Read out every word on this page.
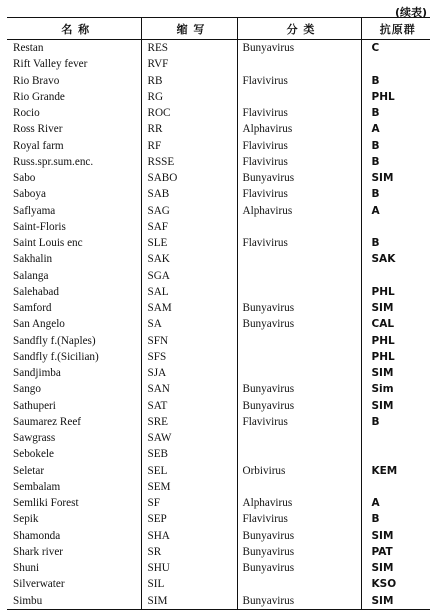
(续表)
名 称	缩 写	分 类	抗原群
Restan	RES	Bunyavirus	C
Rift Valley fever	RVF		
Rio Bravo	RB	Flavivirus	B
Rio Grande	RG		PHL
Rocio	ROC	Flavivirus	B
Ross River	RR	Alphavirus	A
Royal farm	RF	Flavivirus	B
Russ.spr.sum.enc.	RSSE	Flavivirus	B
Sabo	SABO	Bunyavirus	SIM
Saboya	SAB	Flavivirus	B
Saflyama	SAG	Alphavirus	A
Saint-Floris	SAF		
Saint Louis enc	SLE	Flavivirus	B
Sakhalin	SAK		SAK
Salanga	SGA		
Salehabad	SAL		PHL
Samford	SAM	Bunyavirus	SIM
San Angelo	SA	Bunyavirus	CAL
Sandfly f.(Naples)	SFN		PHL
Sandfly f.(Sicilian)	SFS		PHL
Sandjimba	SJA		SIM
Sango	SAN	Bunyavirus	Sim
Sathuperi	SAT	Bunyavirus	SIM
Saumarez Reef	SRE	Flavivirus	B
Sawgrass	SAW		
Sebokele	SEB		
Seletar	SEL	Orbivirus	KEM
Sembalam	SEM		
Semliki Forest	SF	Alphavirus	A
Sepik	SEP	Flavivirus	B
Shamonda	SHA	Bunyavirus	SIM
Shark river	SR	Bunyavirus	PAT
Shuni	SHU	Bunyavirus	SIM
Silverwater	SIL		KSO
Simbu	SIM	Bunyavirus	SIM
